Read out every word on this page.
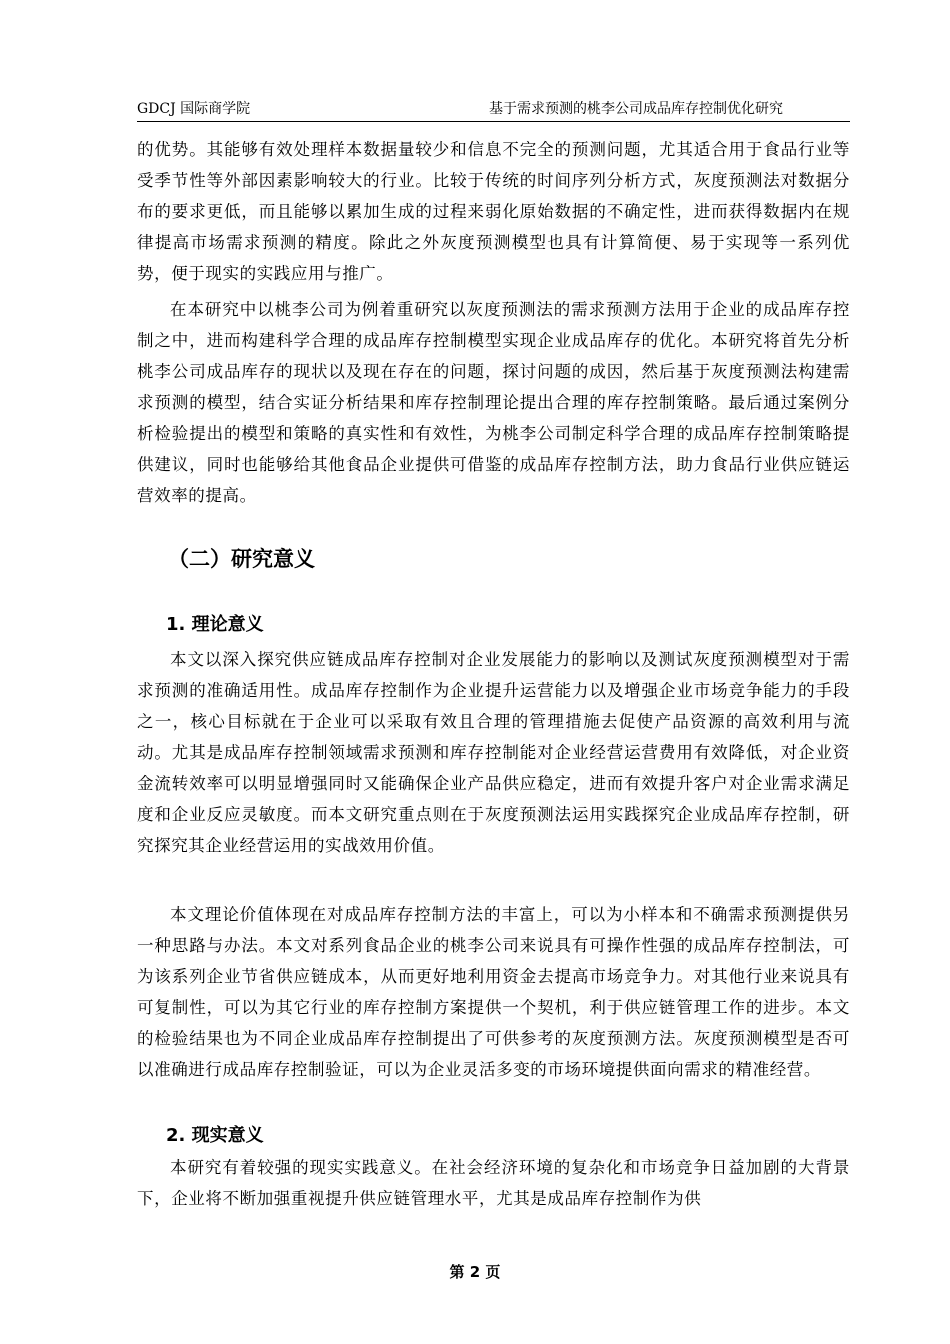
GDCJ 国际商学院	基于需求预测的桃李公司成品库存控制优化研究

的优势。其能够有效处理样本数据量较少和信息不完全的预测问题，尤其适合用于食品行业等受季节性等外部因素影响较大的行业。比较于传统的时间序列分析方式，灰度预测法对数据分布的要求更低，而且能够以累加生成的过程来弱化原始数据的不确定性，进而获得数据内在规律提高市场需求预测的精度。除此之外灰度预测模型也具有计算简便、易于实现等一系列优势，便于现实的实践应用与推广。

在本研究中以桃李公司为例着重研究以灰度预测法的需求预测方法用于企业的成品库存控制之中，进而构建科学合理的成品库存控制模型实现企业成品库存的优化。本研究将首先分析桃李公司成品库存的现状以及现在存在的问题，探讨问题的成因，然后基于灰度预测法构建需求预测的模型，结合实证分析结果和库存控制理论提出合理的库存控制策略。最后通过案例分析检验提出的模型和策略的真实性和有效性，为桃李公司制定科学合理的成品库存控制策略提供建议，同时也能够给其他食品企业提供可借鉴的成品库存控制方法，助力食品行业供应链运营效率的提高。

（二）研究意义
1. 理论意义

本文以深入探究供应链成品库存控制对企业发展能力的影响以及测试灰度预测模型对于需求预测的准确适用性。成品库存控制作为企业提升运营能力以及增强企业市场竞争能力的手段之一，核心目标就在于企业可以采取有效且合理的管理措施去促使产品资源的高效利用与流动。尤其是成品库存控制领域需求预测和库存控制能对企业经营运营费用有效降低，对企业资金流转效率可以明显增强同时又能确保企业产品供应稳定，进而有效提升客户对企业需求满足度和企业反应灵敏度。而本文研究重点则在于灰度预测法运用实践探究企业成品库存控制，研究探究其企业经营运用的实战效用价值。

本文理论价值体现在对成品库存控制方法的丰富上，可以为小样本和不确需求预测提供另一种思路与办法。本文对系列食品企业的桃李公司来说具有可操作性强的成品库存控制法，可为该系列企业节省供应链成本，从而更好地利用资金去提高市场竞争力。对其他行业来说具有可复制性，可以为其它行业的库存控制方案提供一个契机，利于供应链管理工作的进步。本文的检验结果也为不同企业成品库存控制提出了可供参考的灰度预测方法。灰度预测模型是否可以准确进行成品库存控制验证，可以为企业灵活多变的市场环境提供面向需求的精准经营。

2. 现实意义

本研究有着较强的现实实践意义。在社会经济环境的复杂化和市场竞争日益加剧的大背景下，企业将不断加强重视提升供应链管理水平，尤其是成品库存控制作为供

第 2 页
